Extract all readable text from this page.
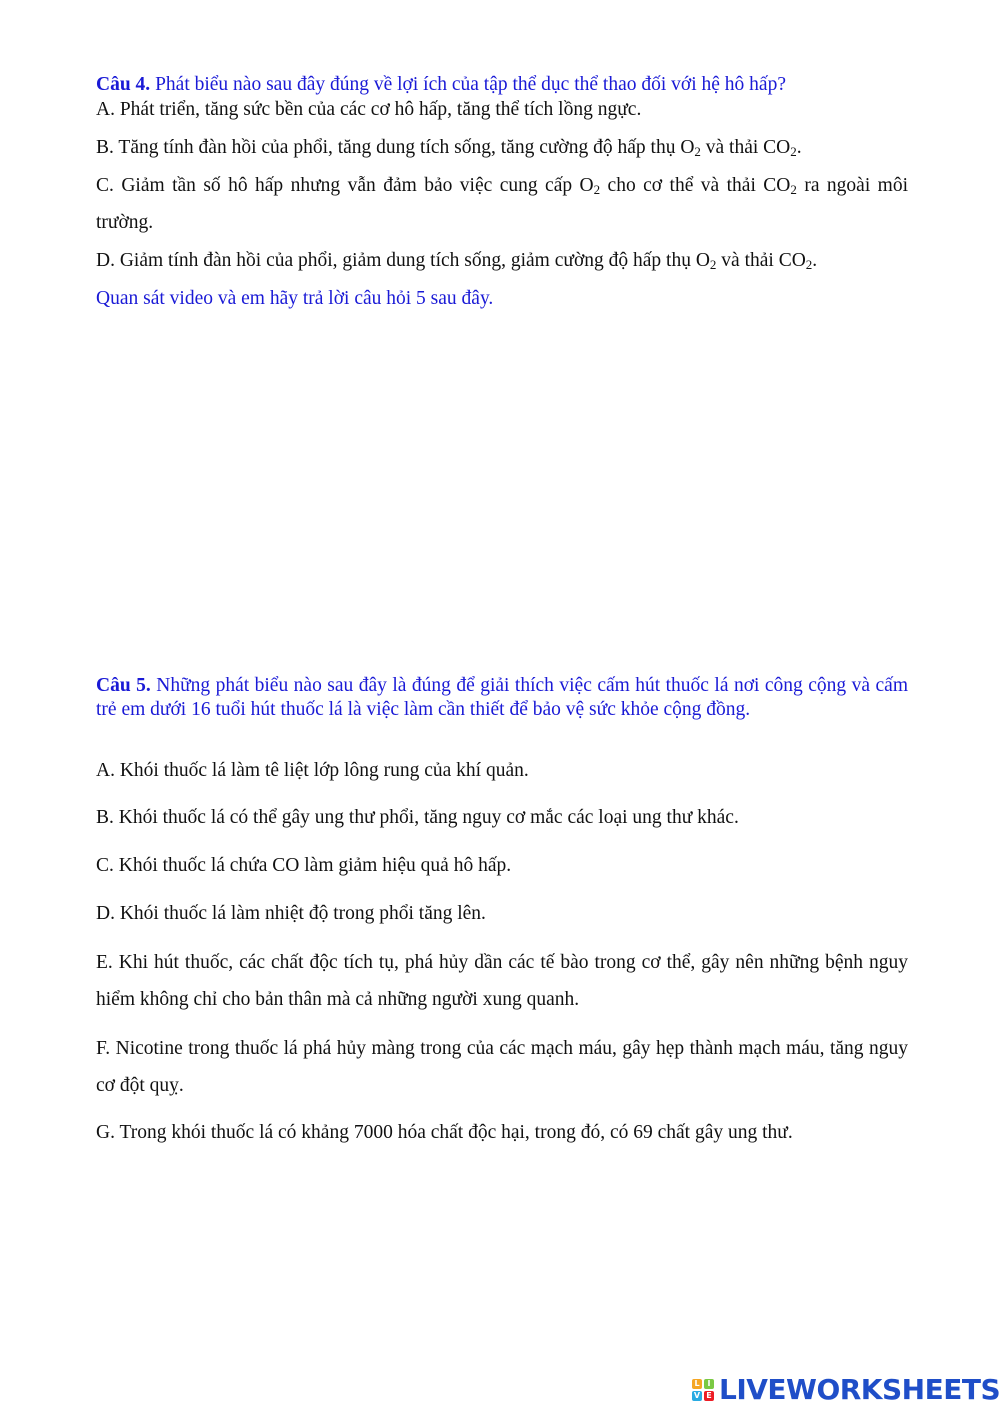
Câu 4. Phát biểu nào sau đây đúng về lợi ích của tập thể dục thể thao đối với hệ hô hấp?
A. Phát triển, tăng sức bền của các cơ hô hấp, tăng thể tích lồng ngực.
B. Tăng tính đàn hồi của phổi, tăng dung tích sống, tăng cường độ hấp thụ $O_2$ và thải $CO_2$.
C. Giảm tần số hô hấp nhưng vẫn đảm bảo việc cung cấp $O_2$ cho cơ thể và thải $CO_2$ ra ngoài môi trường.
D. Giảm tính đàn hồi của phổi, giảm dung tích sống, giảm cường độ hấp thụ $O_2$ và thải $CO_2$.
Quan sát video và em hãy trả lời câu hỏi 5 sau đây.
Câu 5. Những phát biểu nào sau đây là đúng để giải thích việc cấm hút thuốc lá nơi công cộng và cấm trẻ em dưới 16 tuổi hút thuốc lá là việc làm cần thiết để bảo vệ sức khỏe cộng đồng.
A. Khói thuốc lá làm tê liệt lớp lông rung của khí quản.
B. Khói thuốc lá có thể gây ung thư phổi, tăng nguy cơ mắc các loại ung thư khác.
C. Khói thuốc lá chứa CO làm giảm hiệu quả hô hấp.
D. Khói thuốc lá làm nhiệt độ trong phổi tăng lên.
E. Khi hút thuốc, các chất độc tích tụ, phá hủy dần các tế bào trong cơ thể, gây nên những bệnh nguy hiểm không chỉ cho bản thân mà cả những người xung quanh.
F. Nicotine trong thuốc lá phá hủy màng trong của các mạch máu, gây hẹp thành mạch máu, tăng nguy cơ đột quỵ.
G. Trong khói thuốc lá có khảng 7000 hóa chất độc hại, trong đó, có 69 chất gây ung thư.
L I
V E LIVEWORKSHEETS
